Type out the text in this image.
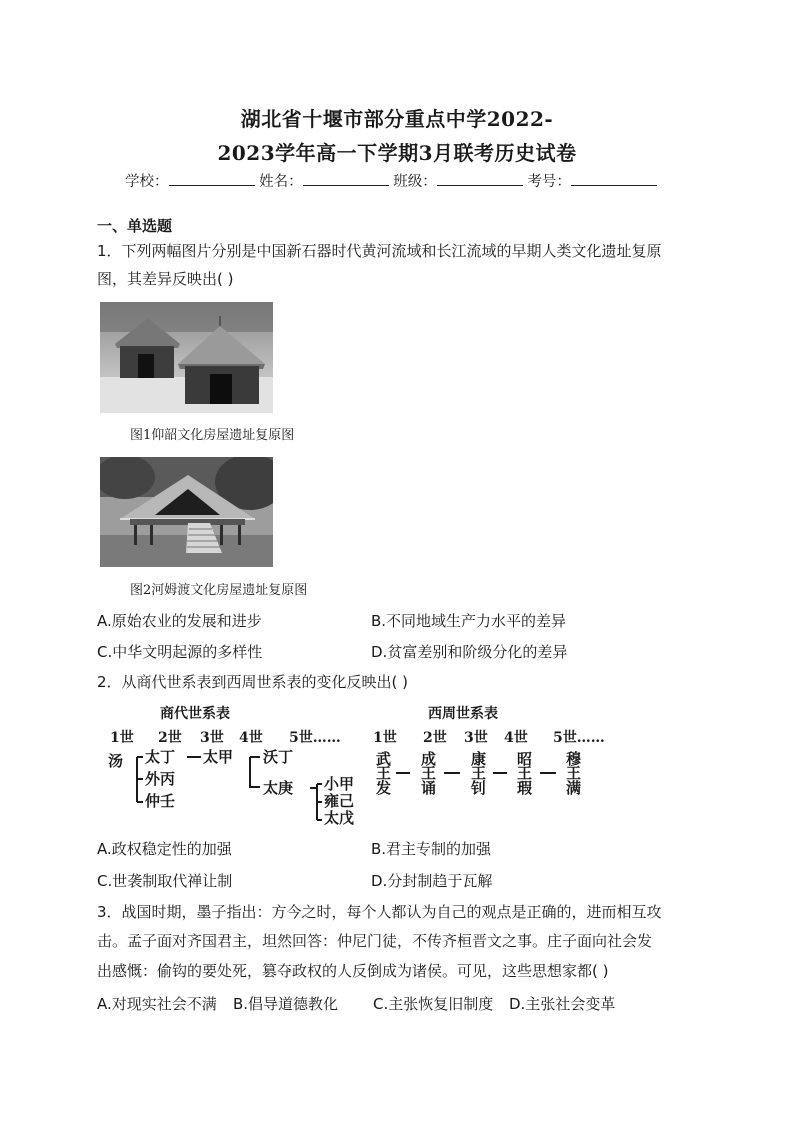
湖北省十堰市部分重点中学2022-
2023学年高一下学期3月联考历史试卷
学校：	姓名：	班级：	考号：
一、单选题
1．下列两幅图片分别是中国新石器时代黄河流域和长江流域的早期人类文化遗址复原
图，其差异反映出( )
图1仰韶文化房屋遗址复原图
图2河姆渡文化房屋遗址复原图
A.原始农业的发展和进步	B.不同地域生产力水平的差异
C.中华文明起源的多样性	D.贫富差别和阶级分化的差异
2．从商代世系表到西周世系表的变化反映出( )
商代世系表
1世 2世 3世 4世 5世……
汤 太丁 太甲
外丙
仲壬
沃丁
太庚 小甲
雍己
太戊
西周世系表
1世 2世 3世 4世 5世……
武
王
发
成
王
诵
康
王
钊
昭
王
瑕
穆
王
满
A.政权稳定性的加强	B.君主专制的加强
C.世袭制取代禅让制	D.分封制趋于瓦解
3．战国时期，墨子指出：方今之时，每个人都认为自己的观点是正确的，进而相互攻
击。孟子面对齐国君主，坦然回答：仲尼门徒，不传齐桓晋文之事。庄子面向社会发
出感慨：偷钩的要处死，篡夺政权的人反倒成为诸侯。可见，这些思想家都( )
A.对现实社会不满 B.倡导道德教化 C.主张恢复旧制度 D.主张社会变革
